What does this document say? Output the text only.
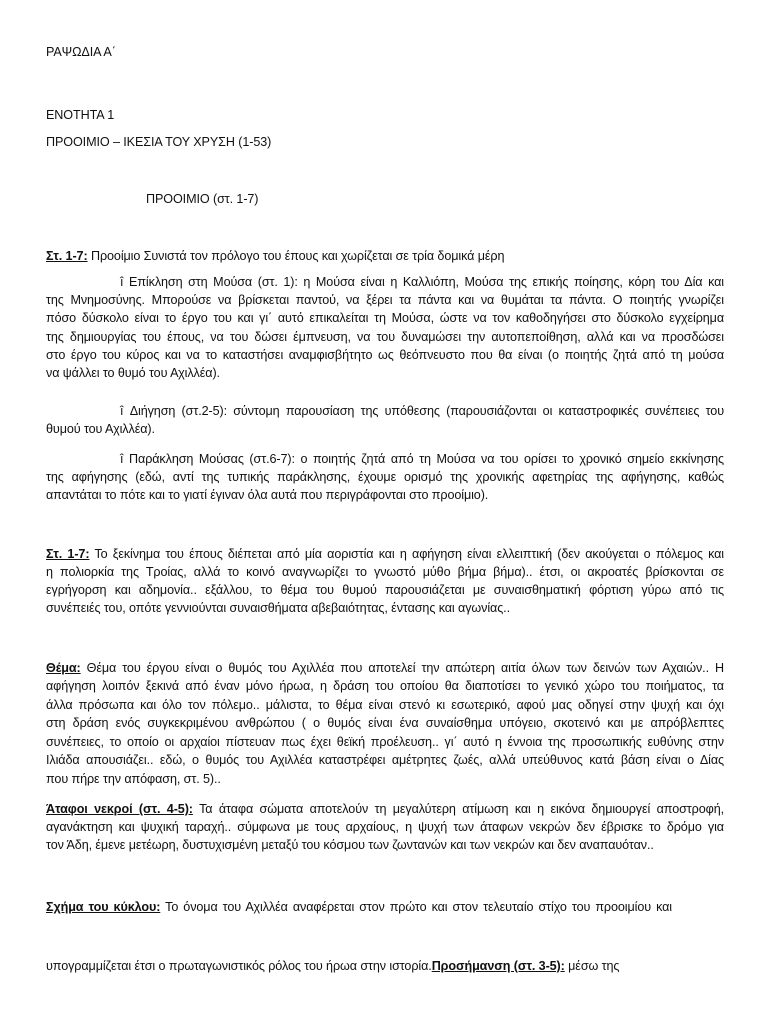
ΡΑΨΩΔΙΑ Α΄
ΕΝΟΤΗΤΑ 1
ΠΡΟΟΙΜΙΟ – ΙΚΕΣΙΑ ΤΟΥ ΧΡΥΣΗ (1-53)
ΠΡΟΟΙΜΙΟ (στ. 1-7)
Στ. 1-7: Προοίμιο Συνιστά τον πρόλογο του έπους και χωρίζεται σε τρία δομικά μέρη
î Επίκληση στη Μούσα (στ. 1): η Μούσα είναι η Καλλιόπη, Μούσα της επικής ποίησης, κόρη του Δία και
της Μνημοσύνης. Μπορούσε να βρίσκεται παντού, να ξέρει τα πάντα και να θυμάται τα πάντα. Ο ποιητής γνωρίζει
πόσο δύσκολο είναι το έργο του και γι΄ αυτό επικαλείται τη Μούσα, ώστε να τον καθοδηγήσει στο δύσκολο εγχείρημα
της δημιουργίας του έπους, να του δώσει έμπνευση, να του δυναμώσει την αυτοπεποίθηση, αλλά και να προσδώσει
στο έργο του κύρος και να το καταστήσει αναμφισβήτητο ως θεόπνευστο που θα είναι (ο ποιητής ζητά από τη μούσα
να ψάλλει το θυμό του Αχιλλέα).
î Διήγηση (στ.2-5): σύντομη παρουσίαση της υπόθεσης (παρουσιάζονται οι καταστροφικές συνέπειες του
θυμού του Αχιλλέα).
î Παράκληση Μούσας (στ.6-7): ο ποιητής ζητά από τη Μούσα να του ορίσει το χρονικό σημείο εκκίνησης
της αφήγησης (εδώ, αντί της τυπικής παράκλησης, έχουμε ορισμό της χρονικής αφετηρίας της αφήγησης, καθώς
απαντάται το πότε και το γιατί έγιναν όλα αυτά που περιγράφονται στο προοίμιο).
Στ. 1-7: Το ξεκίνημα του έπους διέπεται από μία αοριστία και η αφήγηση είναι ελλειπτική (δεν ακούγεται ο πόλεμος και
η πολιορκία της Τροίας, αλλά το κοινό αναγνωρίζει το γνωστό μύθο βήμα βήμα).. έτσι, οι ακροατές βρίσκονται σε
εγρήγορση και αδημονία.. εξάλλου, το θέμα του θυμού παρουσιάζεται με συναισθηματική φόρτιση γύρω από τις
συνέπειές του, οπότε γεννιούνται συναισθήματα αβεβαιότητας, έντασης και αγωνίας..
Θέμα: Θέμα του έργου είναι ο θυμός του Αχιλλέα που αποτελεί την απώτερη αιτία όλων των δεινών των Αχαιών.. Η
αφήγηση λοιπόν ξεκινά από έναν μόνο ήρωα, η δράση του οποίου θα διαποτίσει το γενικό χώρο του ποιήματος, τα
άλλα πρόσωπα και όλο τον πόλεμο.. μάλιστα, το θέμα είναι στενό κι εσωτερικό, αφού μας οδηγεί στην ψυχή και όχι
στη δράση ενός συγκεκριμένου ανθρώπου ( ο θυμός είναι ένα συναίσθημα υπόγειο, σκοτεινό και με απρόβλεπτες
συνέπειες, το οποίο οι αρχαίοι πίστευαν πως έχει θεϊκή προέλευση.. γι΄ αυτό η έννοια της προσωπικής ευθύνης στην
Ιλιάδα απουσιάζει.. εδώ, ο θυμός του Αχιλλέα καταστρέφει αμέτρητες ζωές, αλλά υπεύθυνος κατά βάση είναι ο Δίας
που πήρε την απόφαση, στ. 5)..
Άταφοι νεκροί (στ. 4-5): Τα άταφα σώματα αποτελούν τη μεγαλύτερη ατίμωση και η εικόνα δημιουργεί αποστροφή,
αγανάκτηση και ψυχική ταραχή.. σύμφωνα με τους αρχαίους, η ψυχή των άταφων νεκρών δεν έβρισκε το δρόμο για
τον Άδη, έμενε μετέωρη, δυστυχισμένη μεταξύ του κόσμου των ζωντανών και των νεκρών και δεν αναπαυόταν..
Σχήμα του κύκλου: Το όνομα του Αχιλλέα αναφέρεται στον πρώτο και στον τελευταίο στίχο του προοιμίου και
υπογραμμίζεται έτσι ο πρωταγωνιστικός ρόλος του ήρωα στην ιστορία.Προσήμανση (στ. 3-5): μέσω της
